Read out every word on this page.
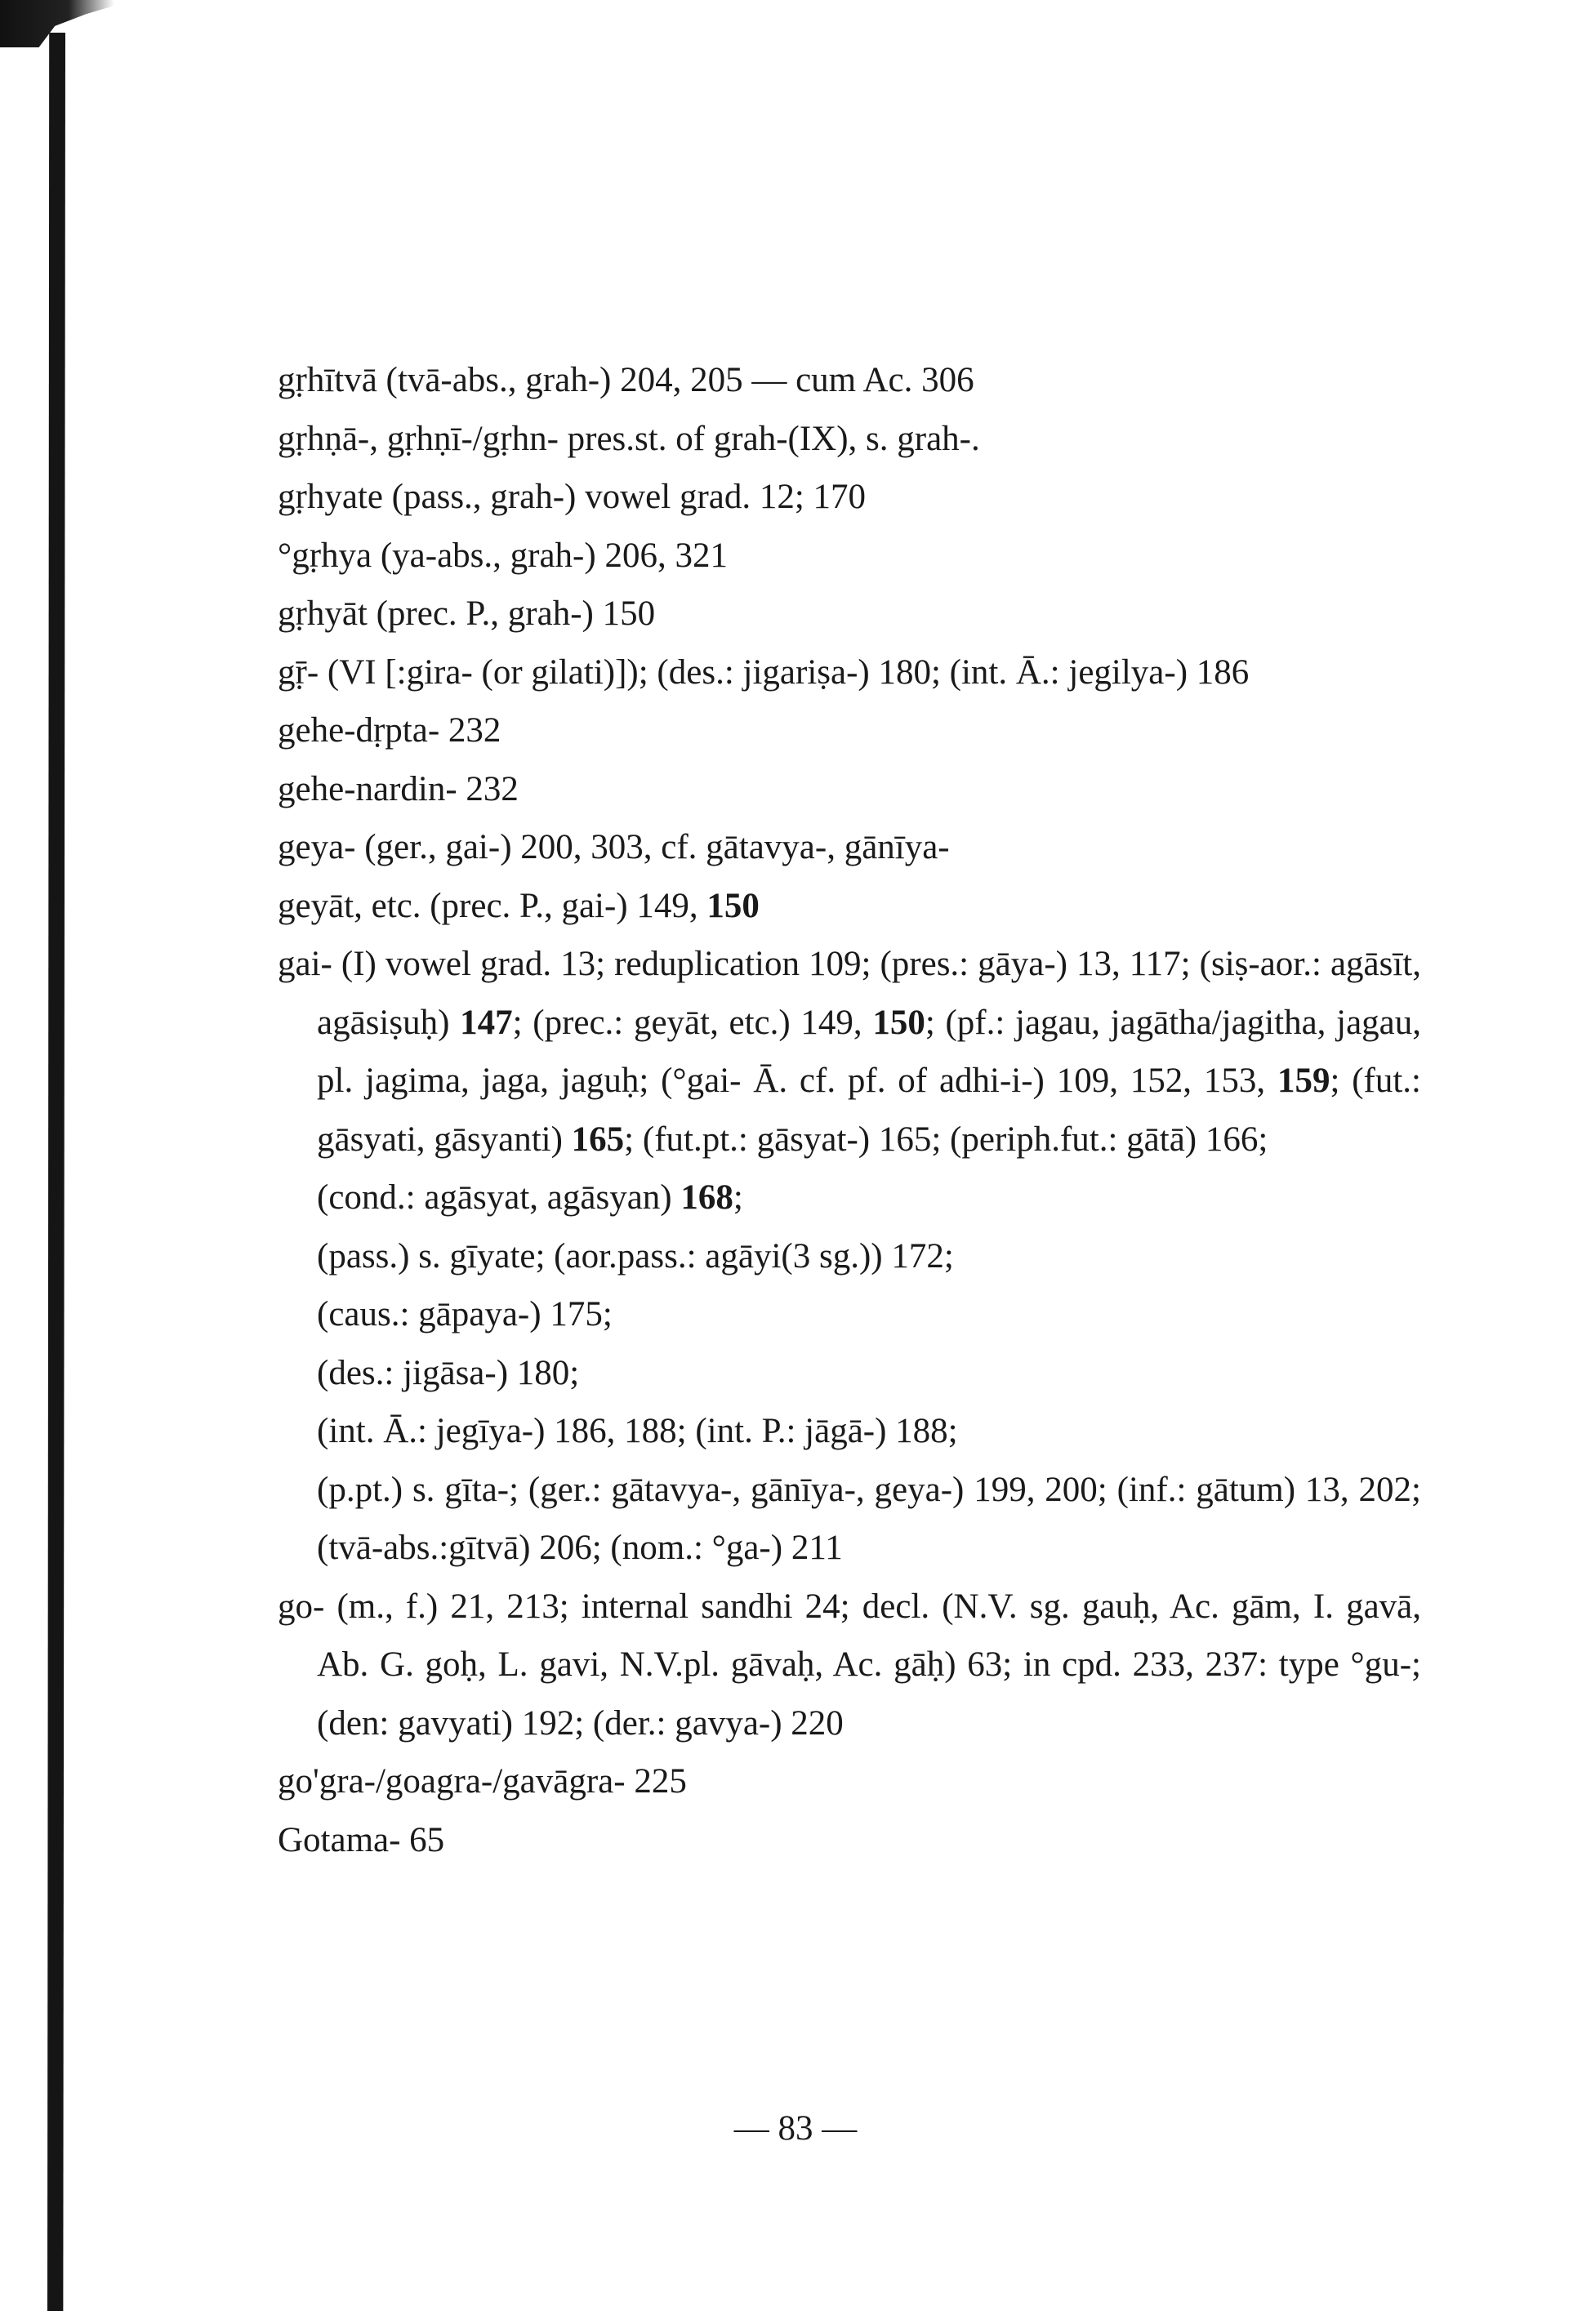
gṛhītvā (tvā-abs., grah-) 204, 205 — cum Ac. 306
gṛhṇā-, gṛhṇī-/gṛhn- pres.st. of grah-(IX), s. grah-.
gṛhyate (pass., grah-) vowel grad. 12; 170
°gṛhya (ya-abs., grah-) 206, 321
gṛhyāt (prec. P., grah-) 150
gṝ- (VI [:gira- (or gilati)]); (des.: jigariṣa-) 180; (int. Ā.: jegilya-) 186
gehe-dṛpta- 232
gehe-nardin- 232
geya- (ger., gai-) 200, 303, cf. gātavya-, gānīya-
geyāt, etc. (prec. P., gai-) 149, 150
gai- (I) vowel grad. 13; reduplication 109; (pres.: gāya-) 13, 117; (siṣ-aor.: agāsīt, agāsiṣuḥ) 147; (prec.: geyāt, etc.) 149, 150; (pf.: jagau, jagātha/jagitha, jagau, pl. jagima, jaga, jaguḥ; (°gai- Ā. cf. pf. of adhi-i-) 109, 152, 153, 159; (fut.: gāsyati, gāsyanti) 165; (fut.pt.: gāsyat-) 165; (periph.fut.: gātā) 166;
(cond.: agāsyat, agāsyan) 168;
(pass.) s. gīyate; (aor.pass.: agāyi(3 sg.)) 172;
(caus.: gāpaya-) 175;
(des.: jigāsa-) 180;
(int. Ā.: jegīya-) 186, 188; (int. P.: jāgā-) 188;
(p.pt.) s. gīta-; (ger.: gātavya-, gānīya-, geya-) 199, 200; (inf.: gātum) 13, 202; (tvā-abs.:gītvā) 206; (nom.: °ga-) 211
go- (m., f.) 21, 213; internal sandhi 24; decl. (N.V. sg. gauḥ, Ac. gām, I. gavā, Ab. G. goḥ, L. gavi, N.V.pl. gāvaḥ, Ac. gāḥ) 63; in cpd. 233, 237: type °gu-; (den: gavyati) 192; (der.: gavya-) 220
go'gra-/goagra-/gavāgra- 225
Gotama- 65
— 83 —
